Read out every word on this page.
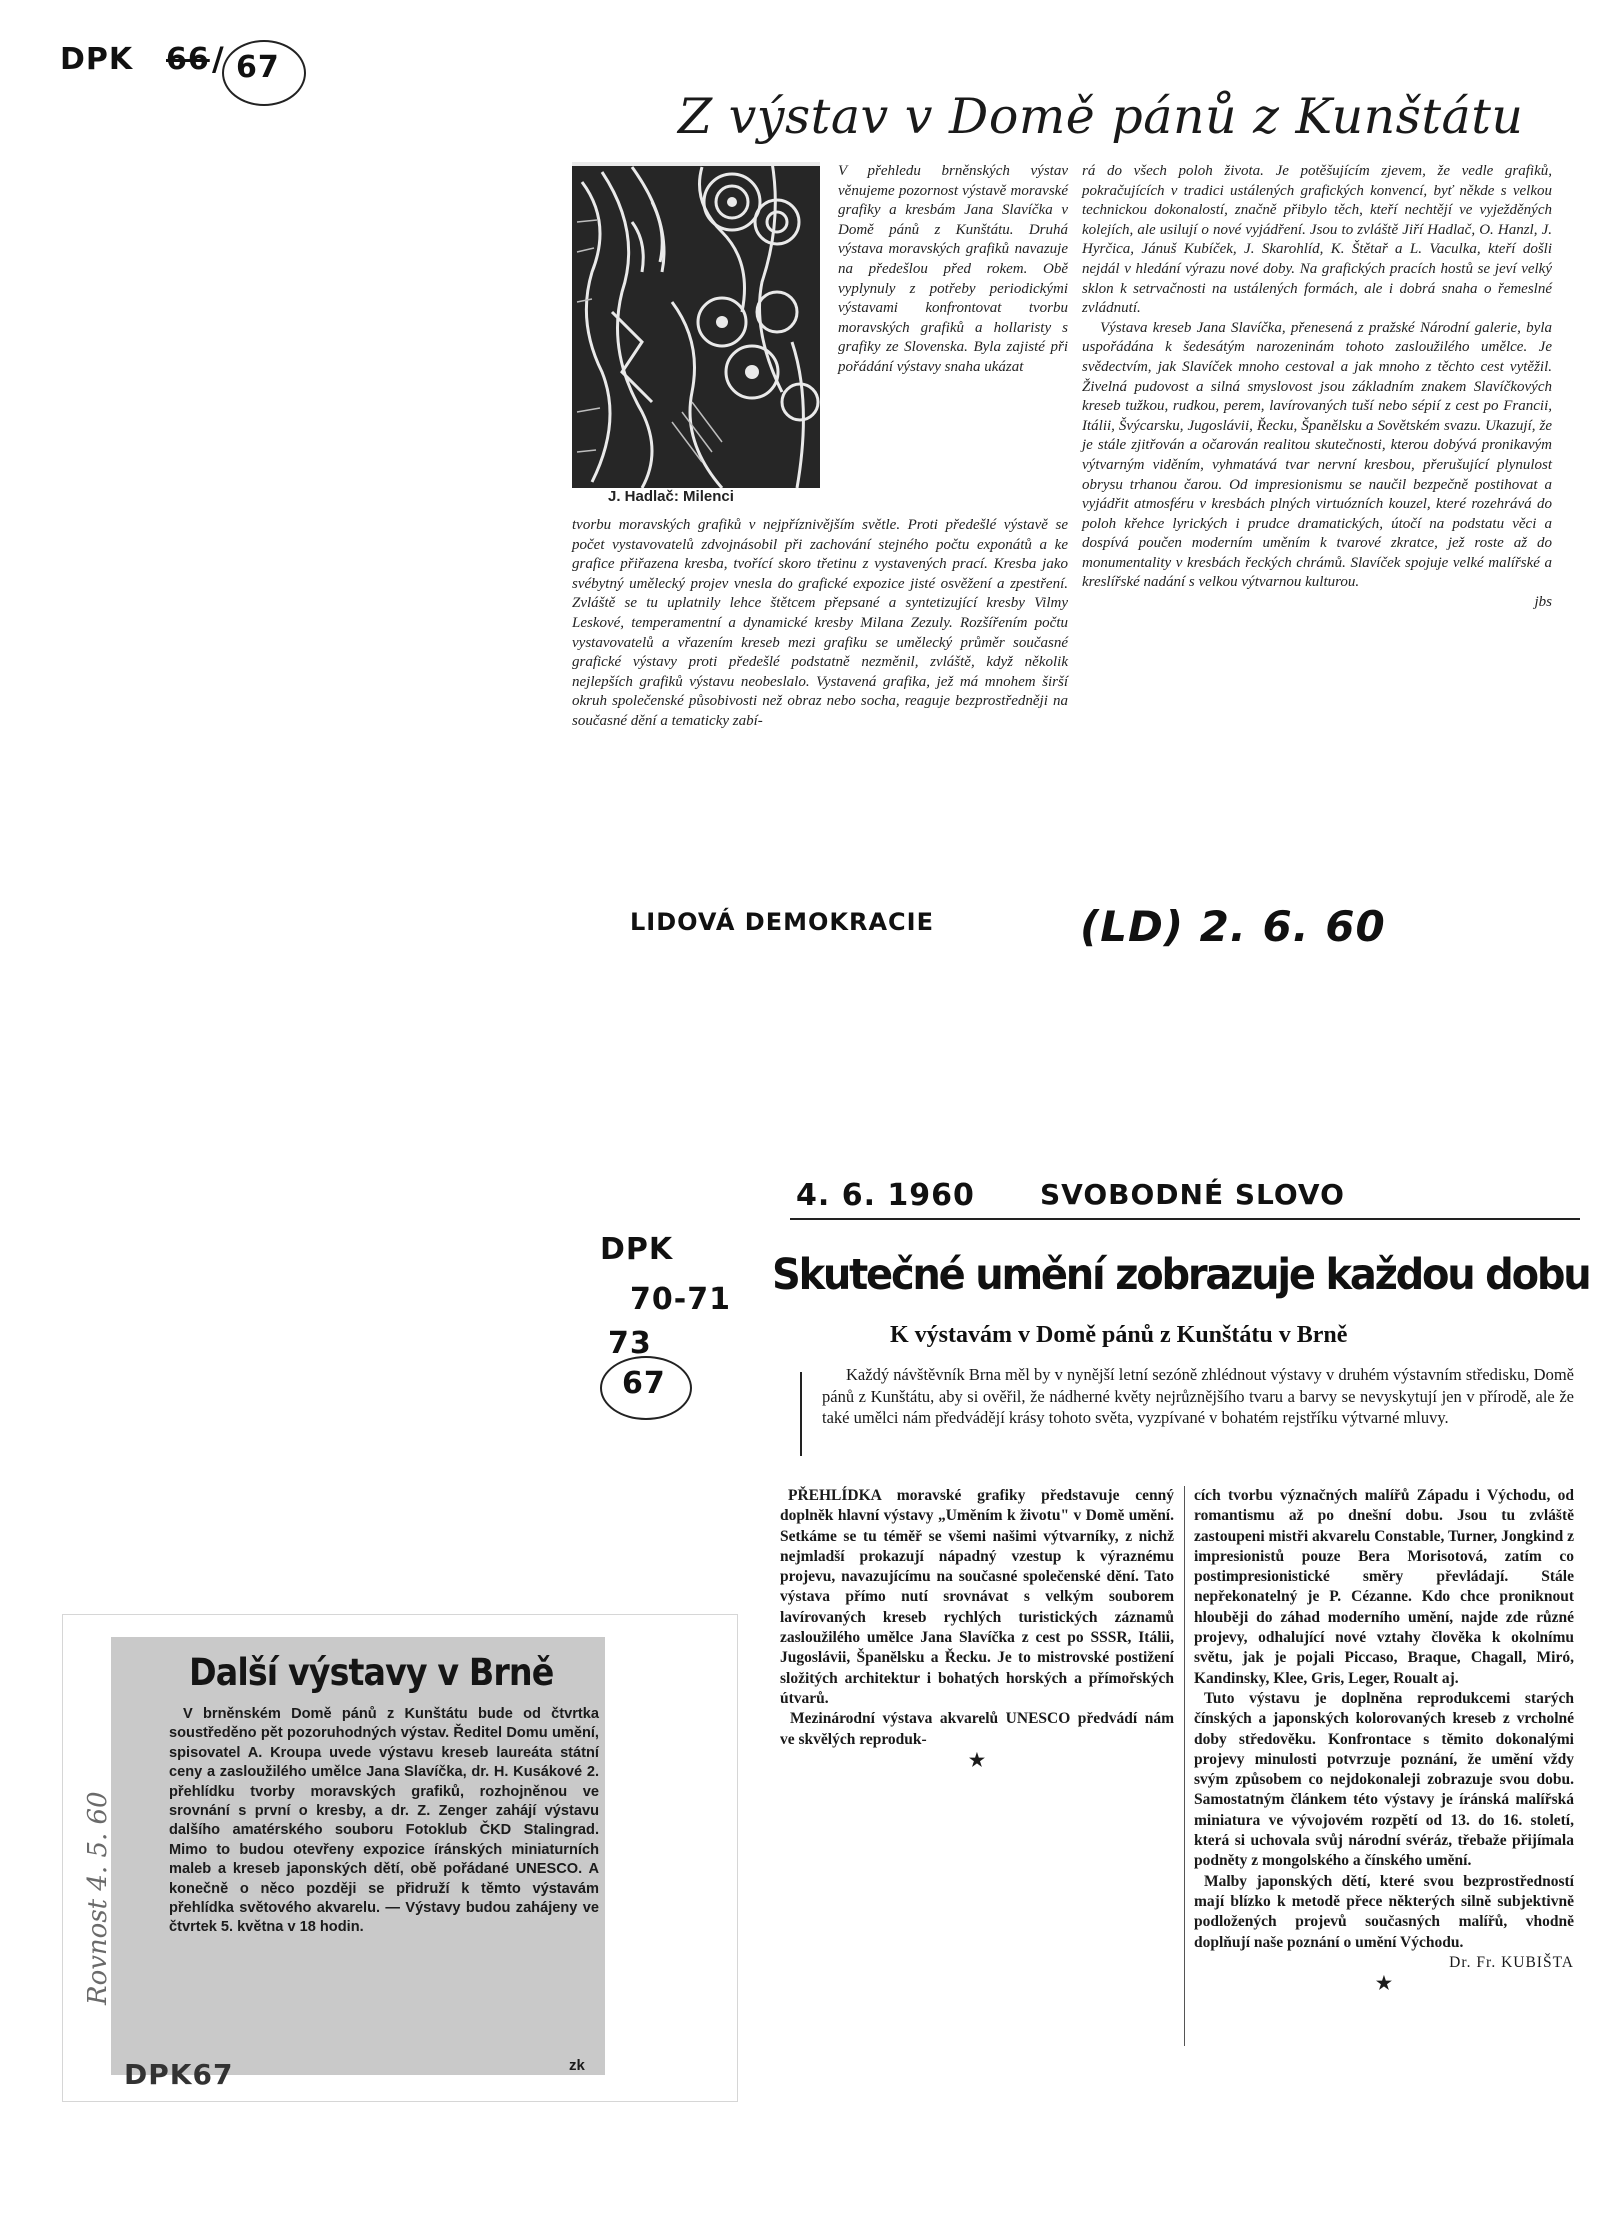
DPK 66 / 67
Z výstav v Domě pánů z Kunštátu
J. Hadlač: Milenci

V přehledu brněnských výstav věnujeme pozornost výstavě moravské grafiky a kresbám Jana Slavíčka v Domě pánů z Kunštátu. Druhá výstava moravských grafiků navazuje na předešlou před rokem. Obě vyplynuly z potřeby periodickými výstavami konfrontovat tvorbu moravských grafiků a hollaristy s grafiky ze Slovenska. Byla zajisté při pořádání výstavy snaha ukázat

tvorbu moravských grafiků v nejpříznivějším světle. Proti předešlé výstavě se počet vystavovatelů zdvojnásobil při zachování stejného počtu exponátů a ke grafice přiřazena kresba, tvořící skoro třetinu z vystavených prací. Kresba jako svébytný umělecký projev vnesla do grafické expozice jisté osvěžení a zpestření. Zvláště se tu uplatnily lehce štětcem přepsané a syntetizující kresby Vilmy Leskové, temperamentní a dynamické kresby Milana Zezuly. Rozšířením počtu vystavovatelů a vřazením kreseb mezi grafiku se umělecký průměr současné grafické výstavy proti předešlé podstatně nezměnil, zvláště, když několik nejlepších grafiků výstavu neobeslalo. Vystavená grafika, jež má mnohem širší okruh společenské působivosti než obraz nebo socha, reaguje bezprostředněji na současné dění a tematicky zabí-

rá do všech poloh života. Je potěšujícím zjevem, že vedle grafiků, pokračujících v tradici ustálených grafických konvencí, byť někde s velkou technickou dokonalostí, značně přibylo těch, kteří nechtějí ve vyježděných kolejích, ale usilují o nové vyjádření. Jsou to zvláště Jiří Hadlač, O. Hanzl, J. Hyrčica, Jánuš Kubíček, J. Skarohlíd, K. Štětař a L. Vaculka, kteří došli nejdál v hledání výrazu nové doby. Na grafických pracích hostů se jeví velký sklon k setrvačnosti na ustálených formách, ale i dobrá snaha o řemeslné zvládnutí.

Výstava kreseb Jana Slavíčka, přenesená z pražské Národní galerie, byla uspořádána k šedesátým narozeninám tohoto zasloužilého umělce. Je svědectvím, jak Slavíček mnoho cestoval a jak mnoho z těchto cest vytěžil. Živelná pudovost a silná smyslovost jsou základním znakem Slavíčkových kreseb tužkou, rudkou, perem, lavírovaných tuší nebo sépií z cest po Francii, Itálii, Švýcarsku, Jugoslávii, Řecku, Španělsku a Sovětském svazu. Ukazují, že je stále zjitřován a očarován realitou skutečnosti, kterou dobývá pronikavým výtvarným viděním, vyhmatává tvar nervní kresbou, přerušující plynulost obrysu trhanou čarou. Od impresionismu se naučil bezpečně postihovat a vyjádřit atmosféru v kresbách plných virtuózních kouzel, které rozehrává do poloh křehce lyrických i prudce dramatických, útočí na podstatu věci a dospívá poučen moderním uměním k tvarové zkratce, jež roste až do monumentality v kresbách řeckých chrámů. Slavíček spojuje velké malířské a kreslířské nadání s velkou výtvarnou kulturou.

jbs

LIDOVÁ DEMOKRACIE	(LD) 2. 6. 60
4. 6. 1960 SVOBODNÉ SLOVO
DPK
70-71
73
67
Skutečné umění zobrazuje každou dobu
K výstavám v Domě pánů z Kunštátu v Brně

Každý návštěvník Brna měl by v nynější letní sezóně zhlédnout výstavy v druhém výstavním středisku, Domě pánů z Kunštátu, aby si ověřil, že nádherné květy nejrůznějšího tvaru a barvy se nevyskytují jen v přírodě, ale že také umělci nám předvádějí krásy tohoto světa, vyzpívané v bohatém rejstříku výtvarné mluvy.

PŘEHLÍDKA moravské grafiky představuje cenný doplněk hlavní výstavy „Uměním k životu" v Domě umění. Setkáme se tu téměř se všemi našimi výtvarníky, z nichž nejmladší prokazují nápadný vzestup k výraznému projevu, navazujícímu na současné společenské dění. Tato výstava přímo nutí srovnávat s velkým souborem lavírovaných kreseb rychlých turistických záznamů zasloužilého umělce Jana Slavíčka z cest po SSSR, Itálii, Jugoslávii, Španělsku a Řecku. Je to mistrovské postižení složitých architektur i bohatých horských a přímořských útvarů.

Mezinárodní výstava akvarelů UNESCO předvádí nám ve skvělých reproduk-

★

cích tvorbu význačných malířů Západu i Východu, od romantismu až po dnešní dobu. Jsou tu zvláště zastoupeni mistři akvarelu Constable, Turner, Jongkind z impresionistů pouze Bera Morisotová, zatím co postimpresionistické směry převládají. Stále nepřekonatelný je P. Cézanne. Kdo chce proniknout hlouběji do záhad moderního umění, najde zde různé projevy, odhalující nové vztahy člověka k okolnímu světu, jak je pojali Piccaso, Braque, Chagall, Miró, Kandinsky, Klee, Gris, Leger, Roualt aj.

Tuto výstavu je doplněna reprodukcemi starých čínských a japonských kolorovaných kreseb z vrcholné doby středověku. Konfrontace s těmito dokonalými projevy minulosti potvrzuje poznání, že umění vždy svým způsobem co nejdokonaleji zobrazuje svou dobu. Samostatným článkem této výstavy je íránská malířská miniatura ve vývojovém rozpětí od 13. do 16. století, která si uchovala svůj národní svéráz, třebaže přijímala podněty z mongolského a čínského umění.

Malby japonských dětí, které svou bezprostředností mají blízko k metodě přece některých silně subjektivně podložených projevů současných malířů, vhodně doplňují naše poznání o umění Východu.

Dr. Fr. KUBIŠTA

★

Další výstavy v Brně

V brněnském Domě pánů z Kunštátu bude od čtvrtka soustředěno pět pozoruhodných výstav. Ředitel Domu umění, spisovatel A. Kroupa uvede výstavu kreseb laureáta státní ceny a zasloužilého umělce Jana Slavíčka, dr. H. Kusákové 2. přehlídku tvorby moravských grafiků, rozhojněnou ve srovnání s první o kresby, a dr. Z. Zenger zahájí výstavu dalšího amatérského souboru Fotoklub ČKD Stalingrad. Mimo to budou otevřeny expozice íránských miniaturních maleb a kreseb japonských dětí, obě pořádané UNESCO. A konečně o něco později se přidruží k těmto výstavám přehlídka světového akvarelu. — Výstavy budou zahájeny ve čtvrtek 5. května v 18 hodin.

zk
Rovnost 4. 5. 60
DPK67
